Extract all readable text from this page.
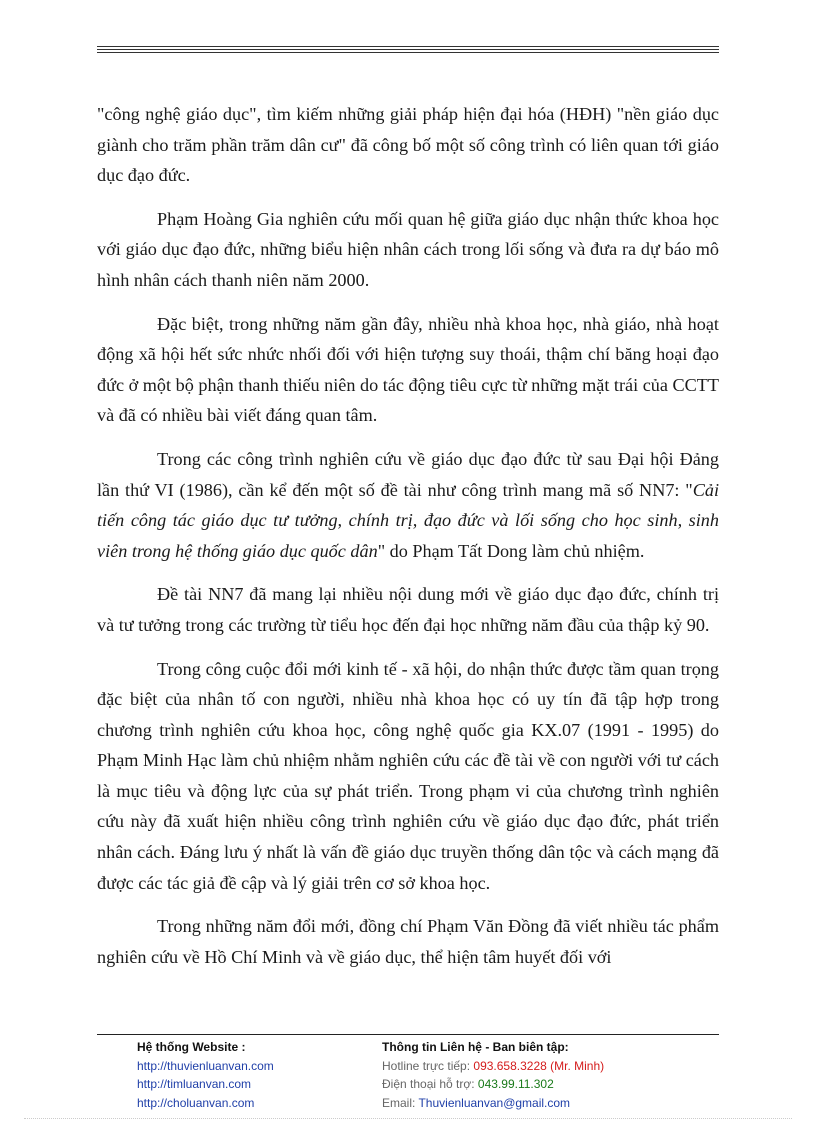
"công nghệ giáo dục", tìm kiếm những giải pháp hiện đại hóa (HĐH) "nền giáo dục giành cho trăm phần trăm dân cư" đã công bố một số công trình có liên quan tới giáo dục đạo đức.

Phạm Hoàng Gia nghiên cứu mối quan hệ giữa giáo dục nhận thức khoa học với giáo dục đạo đức, những biểu hiện nhân cách trong lối sống và đưa ra dự báo mô hình nhân cách thanh niên năm 2000.

Đặc biệt, trong những năm gần đây, nhiều nhà khoa học, nhà giáo, nhà hoạt động xã hội hết sức nhức nhối đối với hiện tượng suy thoái, thậm chí băng hoại đạo đức ở một bộ phận thanh thiếu niên do tác động tiêu cực từ những mặt trái của CCTT và đã có nhiều bài viết đáng quan tâm.

Trong các công trình nghiên cứu về giáo dục đạo đức từ sau Đại hội Đảng lần thứ VI (1986), cần kể đến một số đề tài như công trình mang mã số NN7: "Cải tiến công tác giáo dục tư tưởng, chính trị, đạo đức và lối sống cho học sinh, sinh viên trong hệ thống giáo dục quốc dân" do Phạm Tất Dong làm chủ nhiệm.

Đề tài NN7 đã mang lại nhiều nội dung mới về giáo dục đạo đức, chính trị và tư tưởng trong các trường từ tiểu học đến đại học những năm đầu của thập kỷ 90.

Trong công cuộc đổi mới kinh tế - xã hội, do nhận thức được tầm quan trọng đặc biệt của nhân tố con người, nhiều nhà khoa học có uy tín đã tập hợp trong chương trình nghiên cứu khoa học, công nghệ quốc gia KX.07 (1991 - 1995) do Phạm Minh Hạc làm chủ nhiệm nhằm nghiên cứu các đề tài về con người với tư cách là mục tiêu và động lực của sự phát triển. Trong phạm vi của chương trình nghiên cứu này đã xuất hiện nhiều công trình nghiên cứu về giáo dục đạo đức, phát triển nhân cách. Đáng lưu ý nhất là vấn đề giáo dục truyền thống dân tộc và cách mạng đã được các tác giả đề cập và lý giải trên cơ sở khoa học.

Trong những năm đổi mới, đồng chí Phạm Văn Đồng đã viết nhiều tác phẩm nghiên cứu về Hồ Chí Minh và về giáo dục, thể hiện tâm huyết đối với

Hệ thống Website :
http://thuvienluanvan.com
http://timluanvan.com
http://choluanvan.com
Thông tin Liên hệ - Ban biên tập:
Hotline trực tiếp: 093.658.3228 (Mr. Minh)
Điện thoại hỗ trợ: 043.99.11.302
Email: Thuvienluanvan@gmail.com
